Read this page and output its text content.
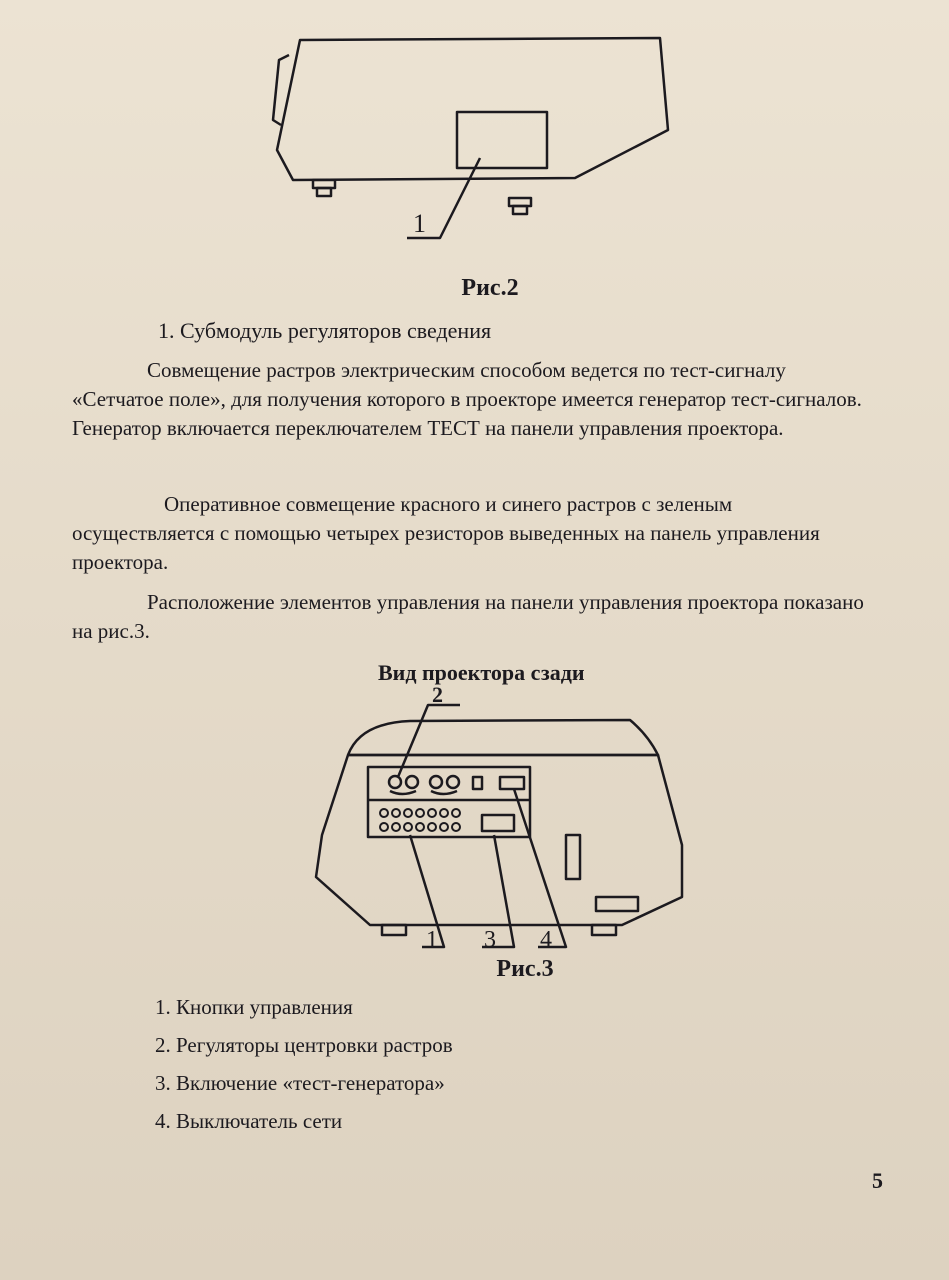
1
Рис.2
1. Субмодуль регуляторов сведения

Совмещение растров электрическим способом ведется по тест-сигналу «Сетчатое поле», для получения которого в проекторе имеется генератор тест-сигналов. Генератор включается переключателем ТЕСТ на панели управления проектора.

Оперативное совмещение красного и синего растров с зеленым осуществляется с помощью четырех резисторов выведенных на панель управления проектора.

Расположение элементов управления на панели управления проектора показано на рис.3.

Вид проектора сзади
1
2
3 4
Рис.3
1. Кнопки управления
2. Регуляторы центровки растров
3. Включение «тест-генератора»
4. Выключатель сети
5
